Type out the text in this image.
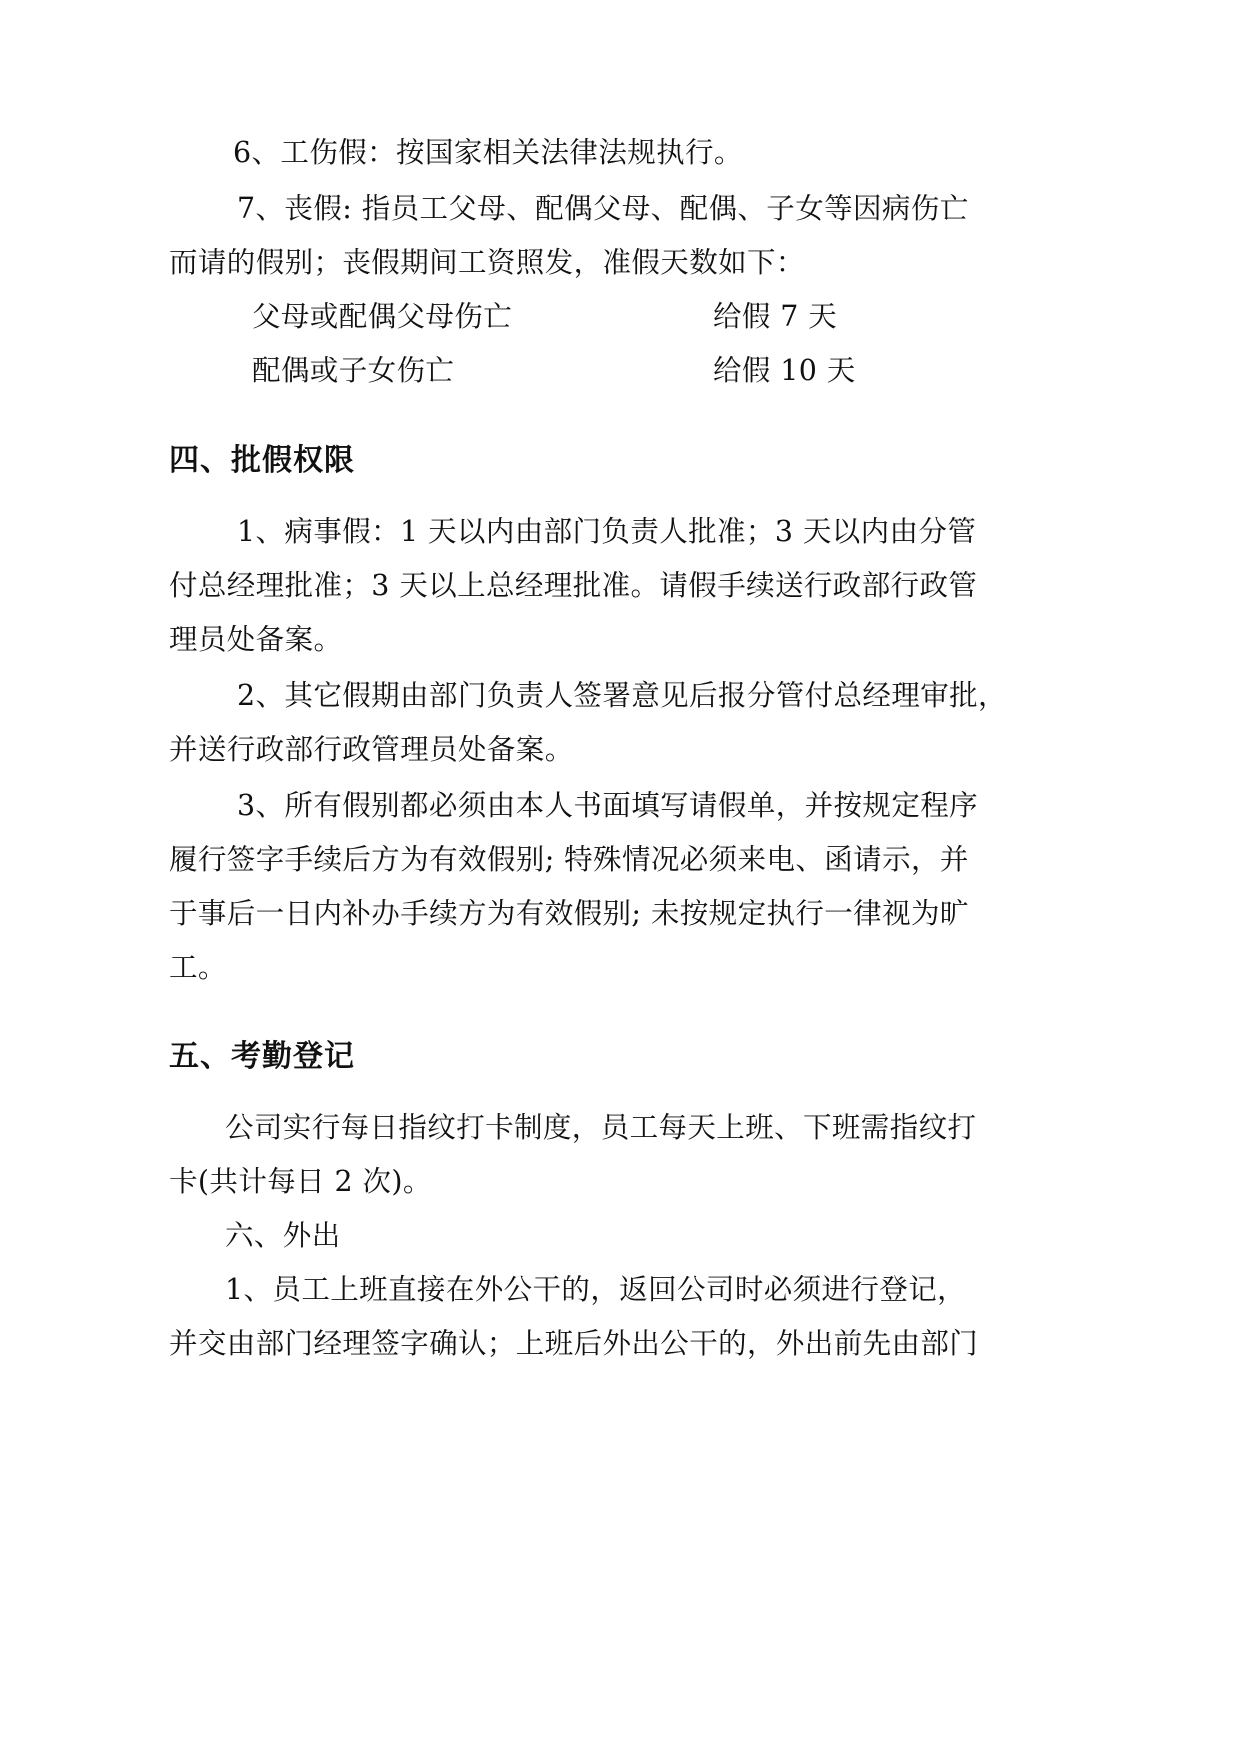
6、工伤假：按国家相关法律法规执行。
7、丧假: 指员工父母、配偶父母、配偶、子女等因病伤亡
而请的假别；丧假期间工资照发，准假天数如下：
父母或配偶父母伤亡	给假 7 天
配偶或子女伤亡	给假 10 天
四、批假权限
1、病事假：1 天以内由部门负责人批准；3 天以内由分管
付总经理批准；3 天以上总经理批准。请假手续送行政部行政管
理员处备案。
2、其它假期由部门负责人签署意见后报分管付总经理审批，
并送行政部行政管理员处备案。
3、所有假别都必须由本人书面填写请假单，并按规定程序
履行签字手续后方为有效假别; 特殊情况必须来电、函请示，并
于事后一日内补办手续方为有效假别; 未按规定执行一律视为旷
工。
五、考勤登记
公司实行每日指纹打卡制度，员工每天上班、下班需指纹打
卡(共计每日 2 次)。
六、外出
1、员工上班直接在外公干的，返回公司时必须进行登记，
并交由部门经理签字确认；上班后外出公干的，外出前先由部门
